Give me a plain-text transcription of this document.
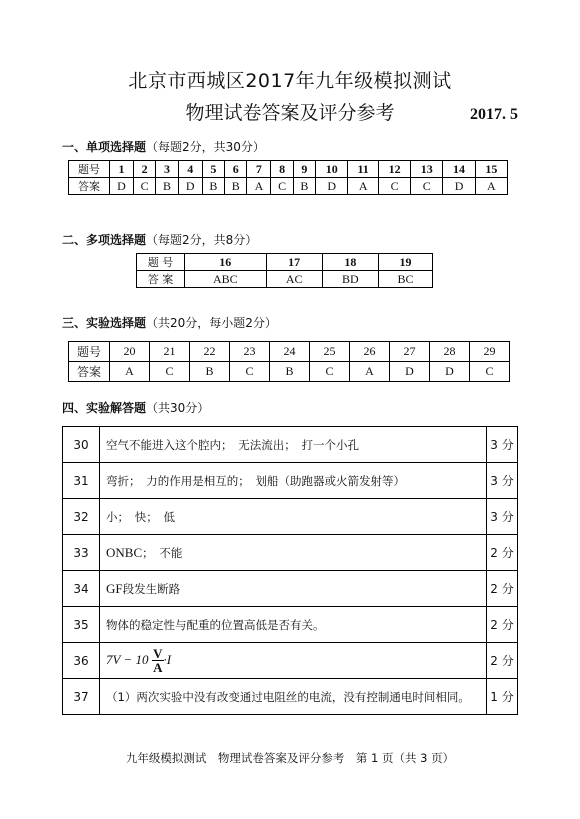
北京市西城区2017年九年级模拟测试
物理试卷答案及评分参考	2017. 5
一、单项选择题（每题2分，共30分）
题号	1	2	3	4	5	6	7	8	9	10	11	12	13	14	15
答案	D	C	B	D	B	B	A	C	B	D	A	C	C	D	A
二、多项选择题（每题2分，共8分）
题 号	16	17	18	19
答 案	ABC	AC	BD	BC
三、实验选择题（共20分，每小题2分）
题号	20	21	22	23	24	25	26	27	28	29
答案	A	C	B	C	B	C	A	D	D	C
四、实验解答题（共30分）
30	空气不能进入这个腔内；　无法流出；　打一个小孔	3 分
31	弯折；　力的作用是相互的；　划船（助跑器或火箭发射等）	3 分
32	小；　快；　低	3 分
33	ONBC；　不能	2 分
34	GF段发生断路	2 分
35	物体的稳定性与配重的位置高低是否有关。	2 分
36	$7V - 10 \frac{V}{A} \cdot I$	2 分
37	（1）两次实验中没有改变通过电阻丝的电流，没有控制通电时间相同。	1 分
九年级模拟测试　物理试卷答案及评分参考　第 1 页（共 3 页）
